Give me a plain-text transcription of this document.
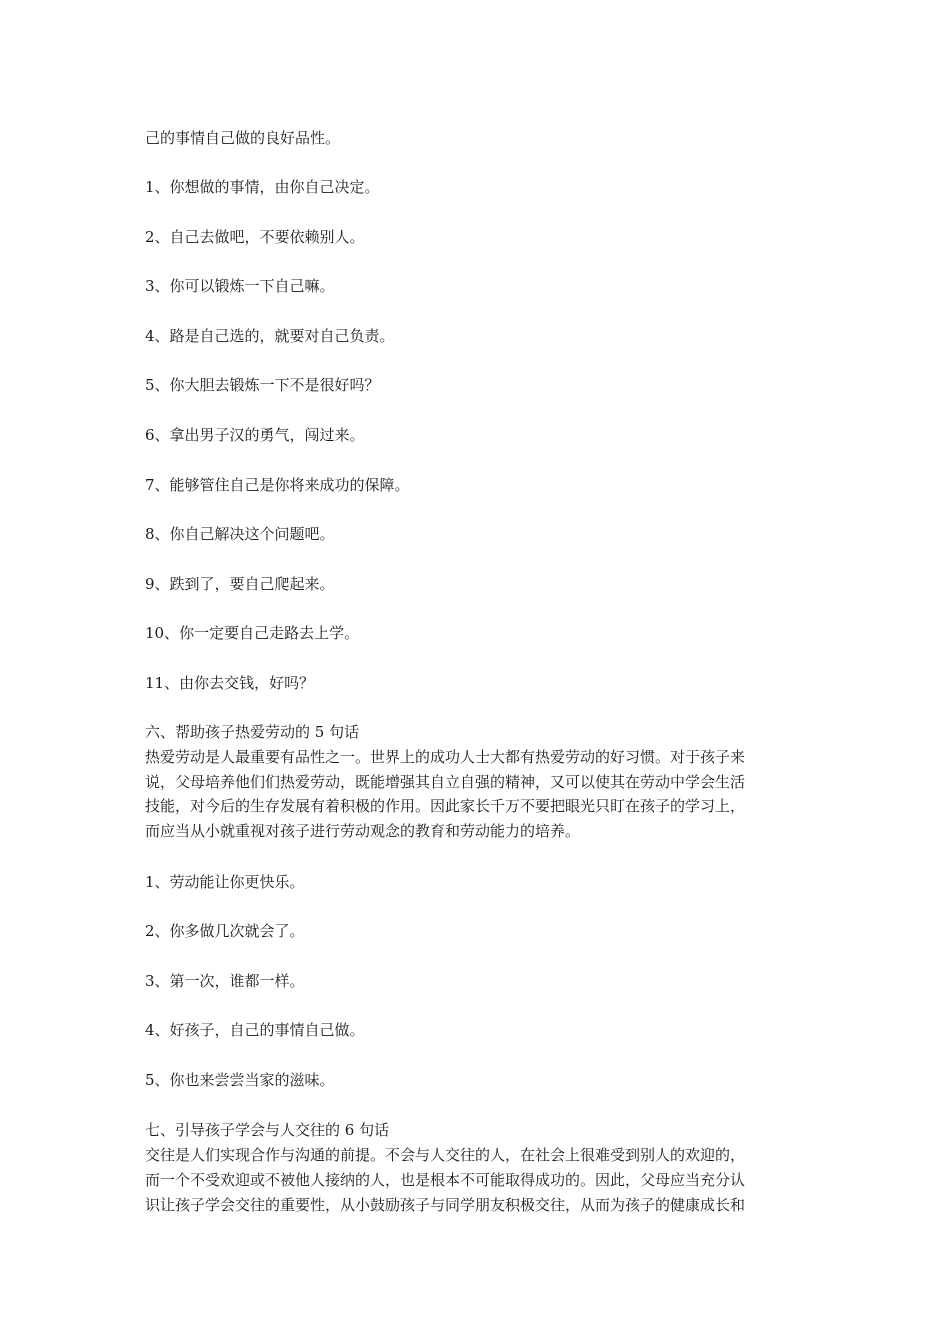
己的事情自己做的良好品性。
1、你想做的事情，由你自己决定。
2、自己去做吧，不要依赖别人。
3、你可以锻炼一下自己嘛。
4、路是自己选的，就要对自己负责。
5、你大胆去锻炼一下不是很好吗？
6、拿出男子汉的勇气，闯过来。
7、能够管住自己是你将来成功的保障。
8、你自己解决这个问题吧。
9、跌到了，要自己爬起来。
10、你一定要自己走路去上学。
11、由你去交钱，好吗？
六、帮助孩子热爱劳动的 5 句话
热爱劳动是人最重要有品性之一。世界上的成功人士大都有热爱劳动的好习惯。对于孩子来
说，父母培养他们们热爱劳动，既能增强其自立自强的精神，又可以使其在劳动中学会生活
技能，对今后的生存发展有着积极的作用。因此家长千万不要把眼光只盯在孩子的学习上，
而应当从小就重视对孩子进行劳动观念的教育和劳动能力的培养。
1、劳动能让你更快乐。
2、你多做几次就会了。
3、第一次，谁都一样。
4、好孩子，自己的事情自己做。
5、你也来尝尝当家的滋味。
七、引导孩子学会与人交往的 6 句话
交往是人们实现合作与沟通的前提。不会与人交往的人，在社会上很难受到别人的欢迎的，
而一个不受欢迎或不被他人接纳的人，也是根本不可能取得成功的。因此，父母应当充分认
识让孩子学会交往的重要性，从小鼓励孩子与同学朋友积极交往，从而为孩子的健康成长和
